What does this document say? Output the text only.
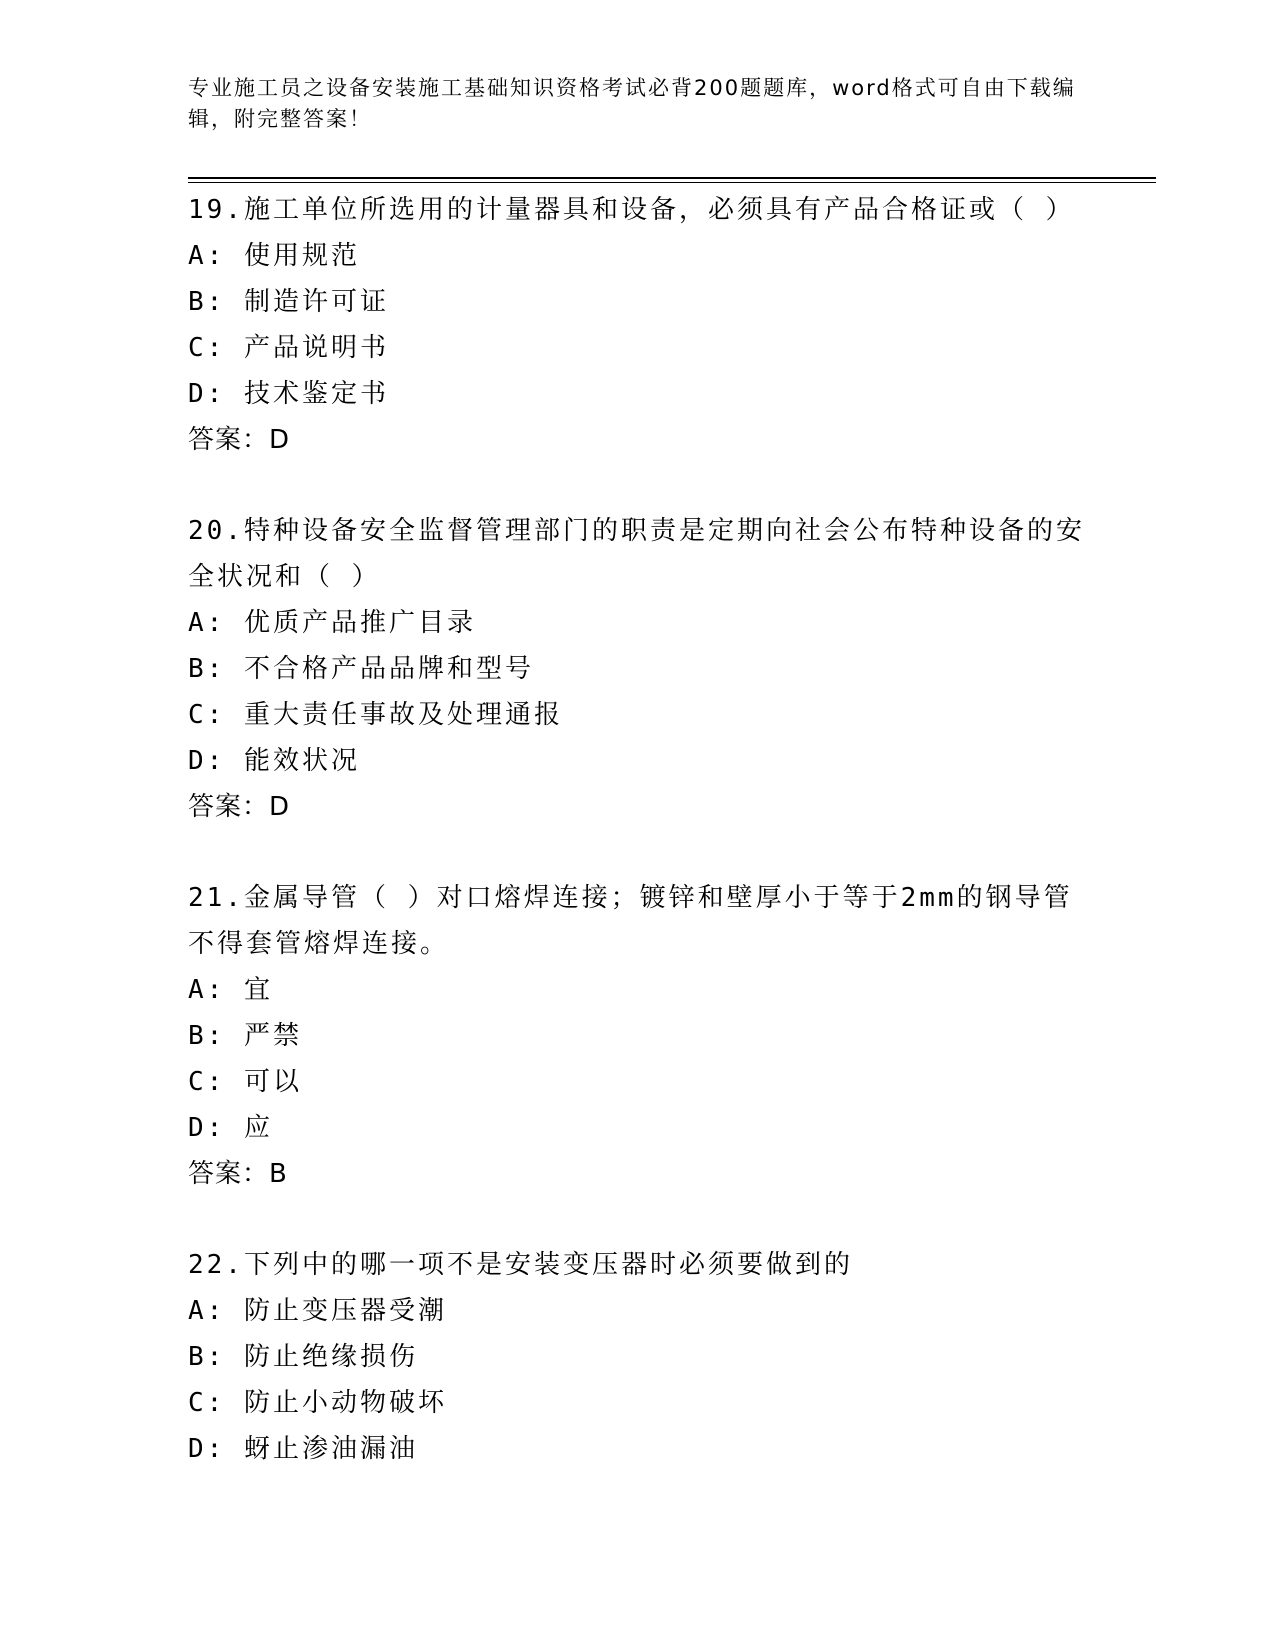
专业施工员之设备安装施工基础知识资格考试必背200题题库，word格式可自由下载编辑，附完整答案！

19.施工单位所选用的计量器具和设备，必须具有产品合格证或（ ）

A: 使用规范

B: 制造许可证

C: 产品说明书

D: 技术鉴定书

答案：D

20.特种设备安全监督管理部门的职责是定期向社会公布特种设备的安全状况和（ ）

A: 优质产品推广目录

B: 不合格产品品牌和型号

C: 重大责任事故及处理通报

D: 能效状况

答案：D

21.金属导管（ ）对口熔焊连接；镀锌和壁厚小于等于2mm的钢导管不得套管熔焊连接。

A: 宜

B: 严禁

C: 可以

D: 应

答案：B

22.下列中的哪一项不是安装变压器时必须要做到的

A: 防止变压器受潮

B: 防止绝缘损伤

C: 防止小动物破坏

D: 蚜止渗油漏油
